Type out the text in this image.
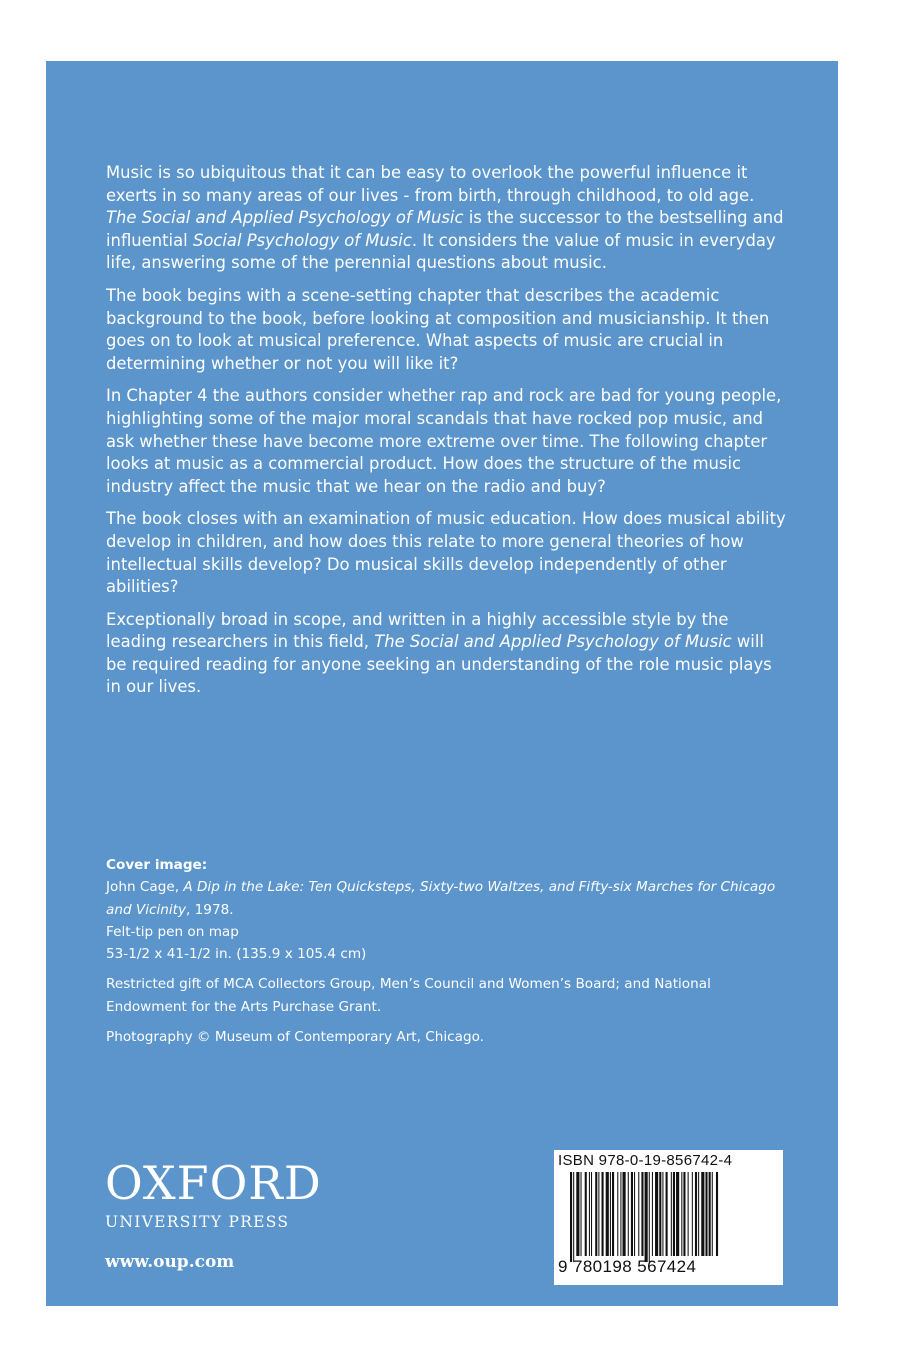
Music is so ubiquitous that it can be easy to overlook the powerful influence it exerts in so many areas of our lives - from birth, through childhood, to old age. The Social and Applied Psychology of Music is the successor to the bestselling and influential Social Psychology of Music. It considers the value of music in everyday life, answering some of the perennial questions about music.

The book begins with a scene-setting chapter that describes the academic background to the book, before looking at composition and musicianship. It then goes on to look at musical preference. What aspects of music are crucial in determining whether or not you will like it?

In Chapter 4 the authors consider whether rap and rock are bad for young people, highlighting some of the major moral scandals that have rocked pop music, and ask whether these have become more extreme over time. The following chapter looks at music as a commercial product. How does the structure of the music industry affect the music that we hear on the radio and buy?

The book closes with an examination of music education. How does musical ability develop in children, and how does this relate to more general theories of how intellectual skills develop? Do musical skills develop independently of other abilities?

Exceptionally broad in scope, and written in a highly accessible style by the leading researchers in this field, The Social and Applied Psychology of Music will be required reading for anyone seeking an understanding of the role music plays in our lives.

Cover image:
John Cage, A Dip in the Lake: Ten Quicksteps, Sixty-two Waltzes, and Fifty-six Marches for Chicago and Vicinity, 1978.
Felt-tip pen on map
53-1/2 x 41-1/2 in. (135.9 x 105.4 cm)

Restricted gift of MCA Collectors Group, Men’s Council and Women’s Board; and National Endowment for the Arts Purchase Grant.

Photography © Museum of Contemporary Art, Chicago.

OXFORD
UNIVERSITY PRESS
www.oup.com
ISBN 978-0-19-856742-4
9 780198 567424
